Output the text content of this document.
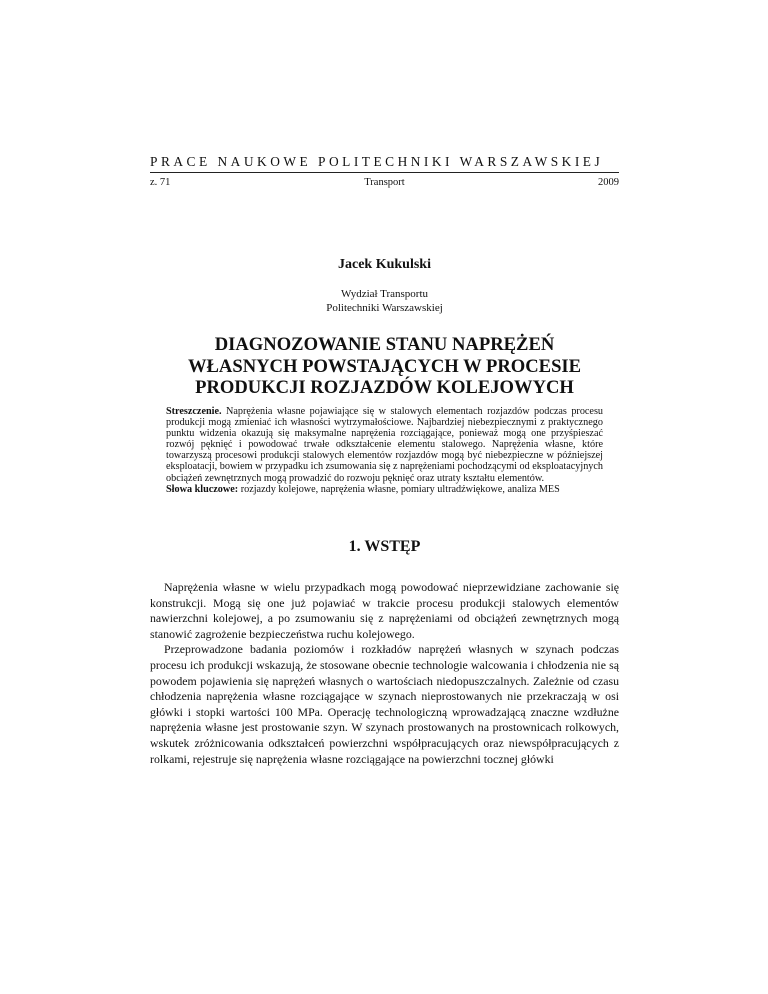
PRACE NAUKOWE POLITECHNIKI WARSZAWSKIEJ
z. 71	Transport	2009
Jacek Kukulski
Wydział Transportu
Politechniki Warszawskiej
DIAGNOZOWANIE STANU NAPRĘŻEŃ
WŁASNYCH POWSTAJĄCYCH W PROCESIE
PRODUKCJI ROZJAZDÓW KOLEJOWYCH

Streszczenie. Naprężenia własne pojawiające się w stalowych elementach rozjazdów podczas procesu produkcji mogą zmieniać ich własności wytrzymałościowe. Najbardziej niebezpiecznymi z praktycznego punktu widzenia okazują się maksymalne naprężenia rozciągające, ponieważ mogą one przyśpieszać rozwój pęknięć i powodować trwałe odkształcenie elementu stalowego. Naprężenia własne, które towarzyszą procesowi produkcji stalowych elementów rozjazdów mogą być niebezpieczne w późniejszej eksploatacji, bowiem w przypadku ich zsumowania się z naprężeniami pochodzącymi od eksploatacyjnych obciążeń zewnętrznych mogą prowadzić do rozwoju pęknięć oraz utraty kształtu elementów.

Słowa kluczowe: rozjazdy kolejowe, naprężenia własne, pomiary ultradźwiękowe, analiza MES

1. WSTĘP

Naprężenia własne w wielu przypadkach mogą powodować nieprzewidziane zachowanie się konstrukcji. Mogą się one już pojawiać w trakcie procesu produkcji stalowych elementów nawierzchni kolejowej, a po zsumowaniu się z naprężeniami od obciążeń zewnętrznych mogą stanowić zagrożenie bezpieczeństwa ruchu kolejowego.

Przeprowadzone badania poziomów i rozkładów naprężeń własnych w szynach podczas procesu ich produkcji wskazują, że stosowane obecnie technologie walcowania i chłodzenia nie są powodem pojawienia się naprężeń własnych o wartościach niedopuszczalnych. Zależnie od czasu chłodzenia naprężenia własne rozciągające w szynach nieprostowanych nie przekraczają w osi główki i stopki wartości 100 MPa. Operację technologiczną wprowadzającą znaczne wzdłużne naprężenia własne jest prostowanie szyn. W szynach prostowanych na prostownicach rolkowych, wskutek zróżnicowania odkształceń powierzchni współpracujących oraz niewspółpracujących z rolkami, rejestruje się naprężenia własne rozciągające na powierzchni tocznej główki
